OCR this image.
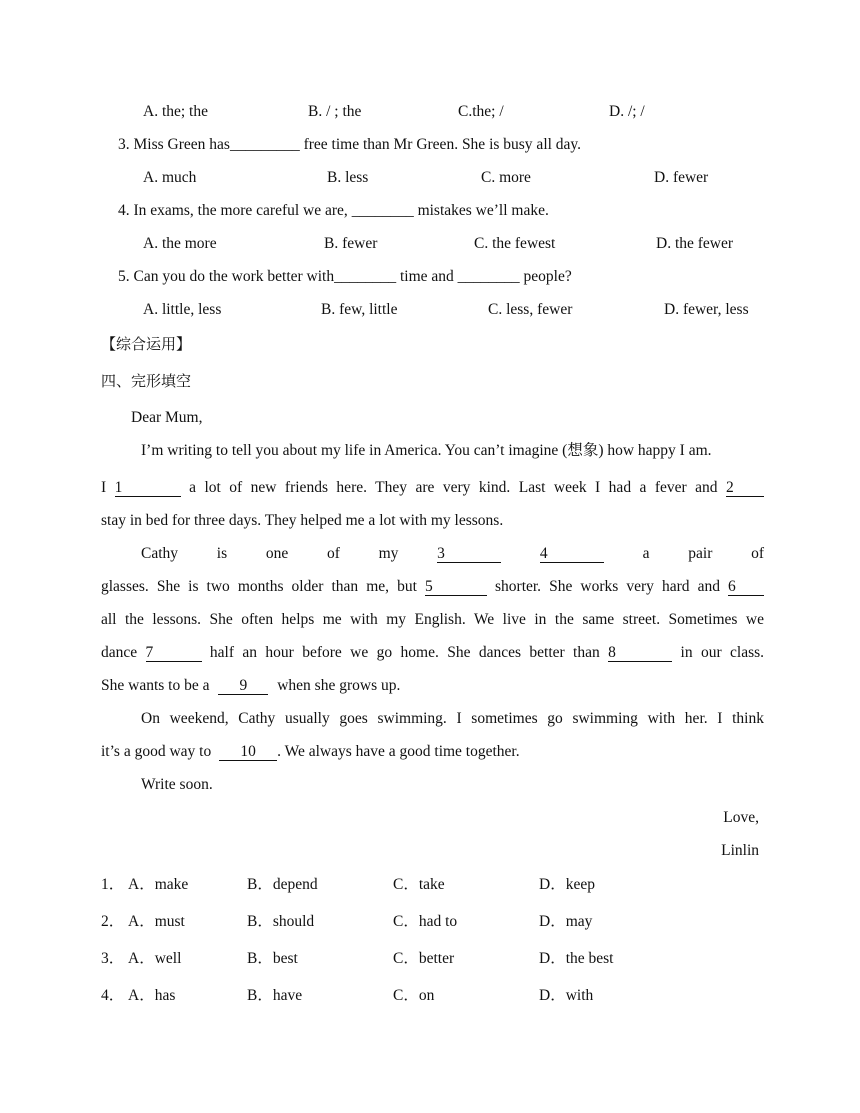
A. the; the	B. / ; the	C.the; /	D. /; /
3. Miss Green has_________ free time than Mr Green. She is busy all day.
A. much	B. less	C. more	D. fewer
4. In exams, the more careful we are, ________ mistakes we’ll make.
A. the more	B. fewer	C. the fewest	D. the fewer
5. Can you do the work better with________ time and ________ people?
A. little, less	B. few, little	C. less, fewer	D. fewer, less
【综合运用】
四、完形填空
Dear Mum,
I’m writing to tell you about my life in America. You can’t imagine (想象) how happy I am.
I 1	a lot of new friends here. They are very kind. Last week I had a fever and 2
stay in bed for three days. They helped me a lot with my lessons.
Cathy is one of my	3	4	a pair of
glasses. She is two months older than me, but 5	shorter. She works very hard and 6
all the lessons. She often helps me with my English. We live in the same street. Sometimes we
dance 7	half an hour before we go home. She dances better than 8	in our class.
She wants to be a 9 when she grows up.
On weekend, Cathy usually goes swimming. I sometimes go swimming with her. I think
it’s a good way to 10 . We always have a good time together.
Write soon.
Love,
Linlin
1． A．make	B．depend	C．take	D．keep
2． A．must	B．should	C．had to	D．may
3． A．well	B．best	C．better	D．the best
4． A．has	B．have	C．on	D．with
